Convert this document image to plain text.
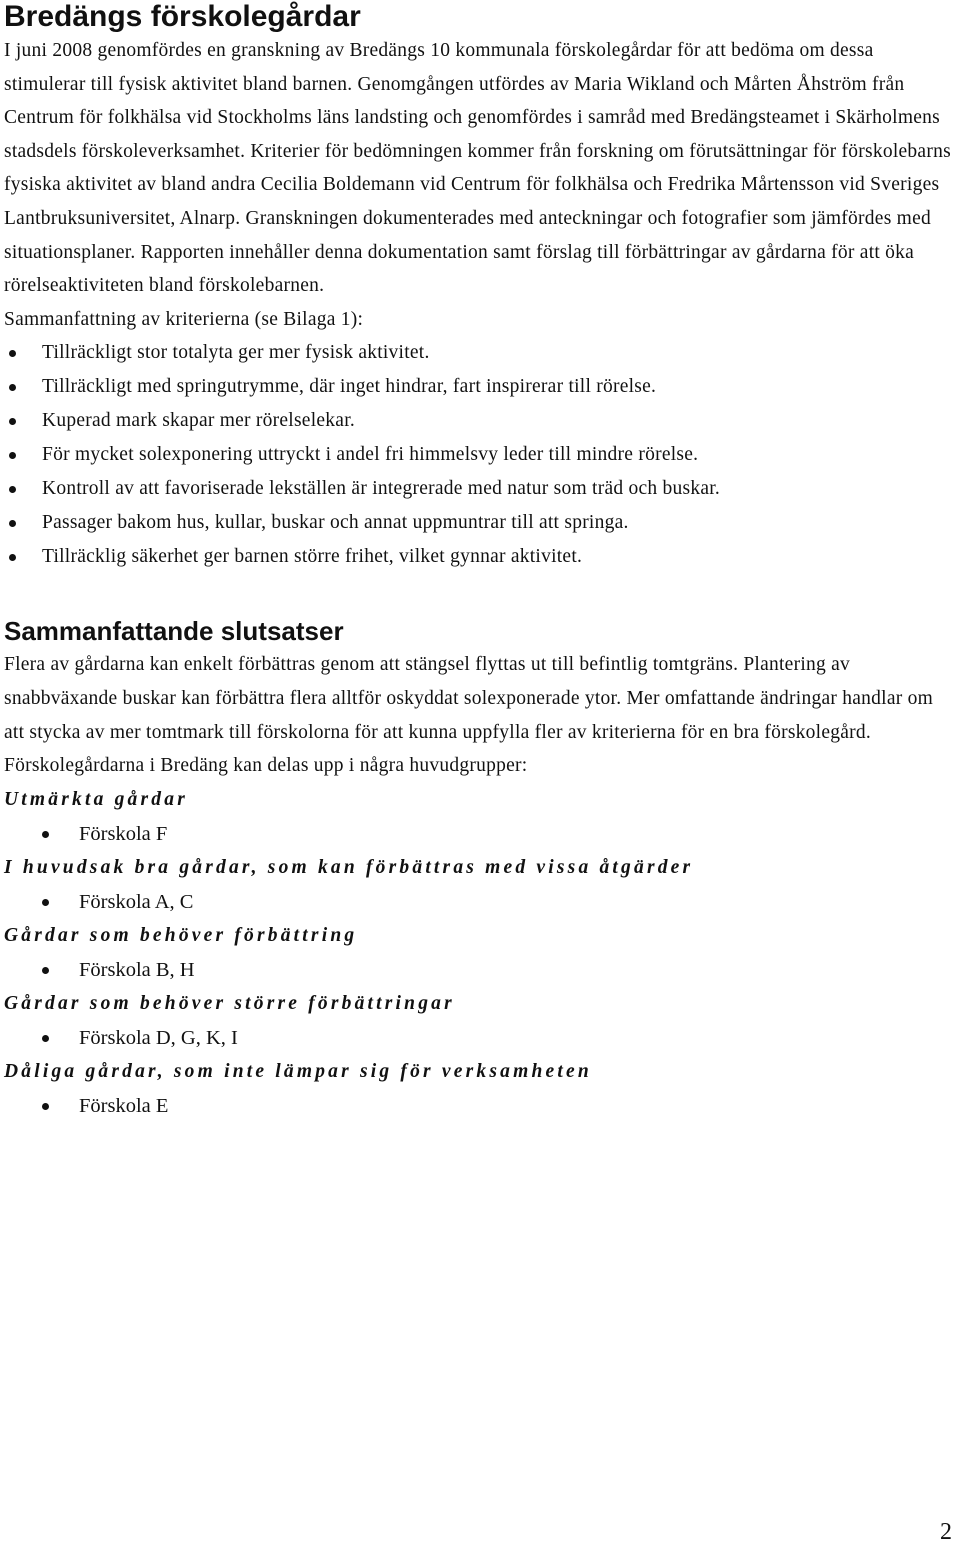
Bredängs förskolegårdar

I juni 2008 genomfördes en granskning av Bredängs 10 kommunala förskolegårdar för att bedöma om dessa stimulerar till fysisk aktivitet bland barnen. Genomgången utfördes av Maria Wikland och Mårten Åhström från Centrum för folkhälsa vid Stockholms läns landsting och genomfördes i samråd med Bredängsteamet i Skärholmens stadsdels förskoleverksamhet. Kriterier för bedömningen kommer från forskning om förutsättningar för förskolebarns fysiska aktivitet av bland andra Cecilia Boldemann vid Centrum för folkhälsa och Fredrika Mårtensson vid Sveriges Lantbruksuniversitet, Alnarp. Granskningen dokumenterades med anteckningar och fotografier som jämfördes med situationsplaner. Rapporten innehåller denna dokumentation samt förslag till förbättringar av gårdarna för att öka rörelseaktiviteten bland förskolebarnen.

Sammanfattning av kriterierna (se Bilaga 1):

Tillräckligt stor totalyta ger mer fysisk aktivitet.
Tillräckligt med springutrymme, där inget hindrar, fart inspirerar till rörelse.
Kuperad mark skapar mer rörelselekar.
För mycket solexponering uttryckt i andel fri himmelsvy leder till mindre rörelse.
Kontroll av att favoriserade lekställen är integrerade med natur som träd och buskar.
Passager bakom hus, kullar, buskar och annat uppmuntrar till att springa.
Tillräcklig säkerhet ger barnen större frihet, vilket gynnar aktivitet.
Sammanfattande slutsatser

Flera av gårdarna kan enkelt förbättras genom att stängsel flyttas ut till befintlig tomtgräns. Plantering av snabbväxande buskar kan förbättra flera alltför oskyddat solexponerade ytor. Mer omfattande ändringar handlar om att stycka av mer tomtmark till förskolorna för att kunna uppfylla fler av kriterierna för en bra förskolegård.

Förskolegårdarna i Bredäng kan delas upp i några huvudgrupper:

Utmärkta gårdar

Förskola F

I huvudsak bra gårdar, som kan förbättras med vissa åtgärder

Förskola A, C

Gårdar som behöver förbättring

Förskola B, H

Gårdar som behöver större förbättringar

Förskola D, G, K, I

Dåliga gårdar, som inte lämpar sig för verksamheten

Förskola E
2
